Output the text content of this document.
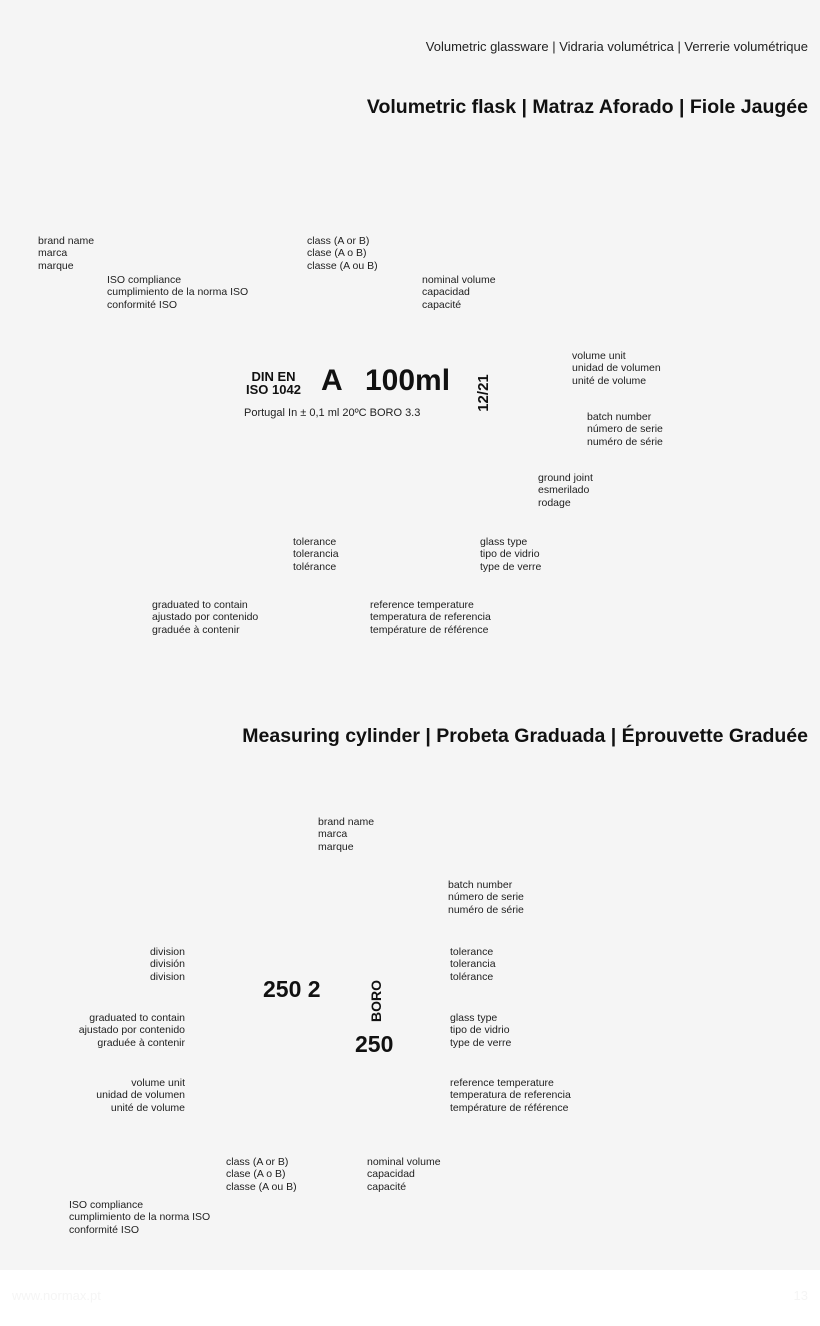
Volumetric glassware | Vidraria volumétrica | Verrerie volumétrique
Volumetric flask | Matraz Aforado | Fiole Jaugée
brand name
marca
marque
class (A or B)
clase (A o B)
classe (A ou B)
ISO compliance
cumplimiento de la norma ISO
conformité ISO
nominal volume
capacidad
capacité
volume unit
unidad de volumen
unité de volume
batch number
número de serie
numéro de série
ground joint
esmerilado
rodage
tolerance
tolerancia
tolérance
glass type
tipo de vidrio
type de verre
graduated to contain
ajustado por contenido
graduée à contenir
reference temperature
temperatura de referencia
température de référence
DIN EN
ISO 1042 A 100ml 12/21
Portugal In ± 0,1 ml 20ºC BORO 3.3
Measuring cylinder | Probeta Graduada | Éprouvette Graduée
brand name
marca
marque
batch number
número de serie
numéro de série
division
división
division
tolerance
tolerancia
tolérance
graduated to contain
ajustado por contenido
graduée à contenir
glass type
tipo de vidrio
type de verre
volume unit
unidad de volumen
unité de volume
reference temperature
temperatura de referencia
température de référence
class (A or B)
clase (A o B)
classe (A ou B)
nominal volume
capacidad
capacité
ISO compliance
cumplimiento de la norma ISO
conformité ISO
250 2	BORO
250
www.normax.pt	13
